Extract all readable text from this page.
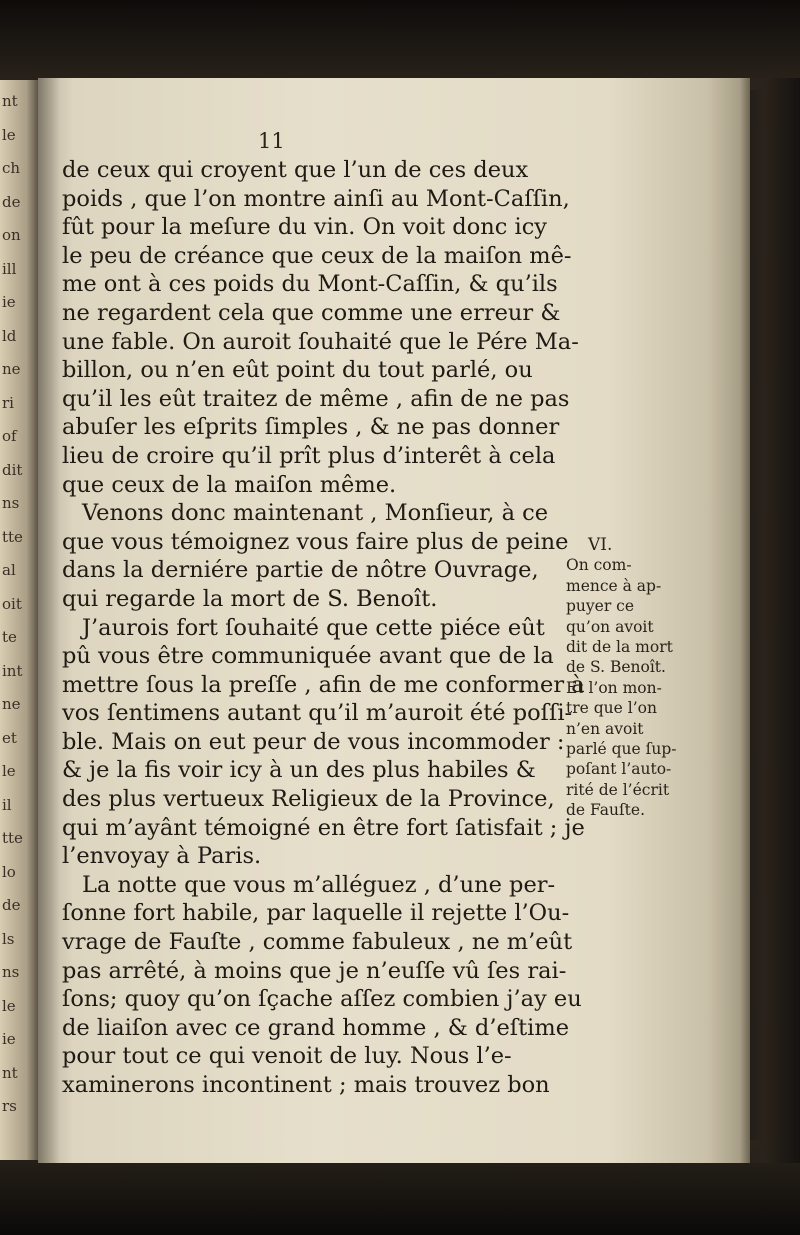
nt
le
ch
de
on
ill
ie
ld
ne
ri
of
dit
ns
tte
al
oit
te
int
ne
et
le
il
tte
lo
de
ls
ns
le
ie
nt
rs
11
de ceux qui croyent que l’un de ces deux
poids , que l’on montre ainſi au Mont-Caſſin,
fût pour la meſure du vin. On voit donc icy
le peu de créance que ceux de la maiſon mê-
me ont à ces poids du Mont-Caſſin, & qu’ils
ne regardent cela que comme une erreur &
une fable. On auroit ſouhaité que le Pére Ma-
billon, ou n’en eût point du tout parlé, ou
qu’il les eût traitez de même , afin de ne pas
abuſer les eſprits ſimples , & ne pas donner
lieu de croire qu’il prît plus d’interêt à cela
que ceux de la maiſon même.
Venons donc maintenant , Monſieur, à ce
que vous témoignez vous faire plus de peine
dans la derniére partie de nôtre Ouvrage,
qui regarde la mort de S. Benoît.
J’aurois fort ſouhaité que cette piéce eût
pû vous être communiquée avant que de la
mettre ſous la preſſe , afin de me conformer à
vos ſentimens autant qu’il m’auroit été poſſi-
ble. Mais on eut peur de vous incommoder :
& je la fis voir icy à un des plus habiles &
des plus vertueux Religieux de la Province,
qui m’ayânt témoigné en être fort ſatisfait ; je
l’envoyay à Paris.
La notte que vous m’alléguez , d’une per-
ſonne fort habile, par laquelle il rejette l’Ou-
vrage de Fauſte , comme fabuleux , ne m’eût
pas arrêté, à moins que je n’euſſe vû ſes rai-
ſons; quoy qu’on ſçache aſſez combien j’ay eu
de liaiſon avec ce grand homme , & d’eſtime
pour tout ce qui venoit de luy. Nous l’e-
xaminerons incontinent ; mais trouvez bon
VI.
On com-
mence à ap-
puyer ce
qu’on avoit
dit de la mort
de S. Benoît.
Et l’on mon-
tre que l’on
n’en avoit
parlé que ſup-
poſant l’auto-
rité de l’écrit
de Fauſte.
